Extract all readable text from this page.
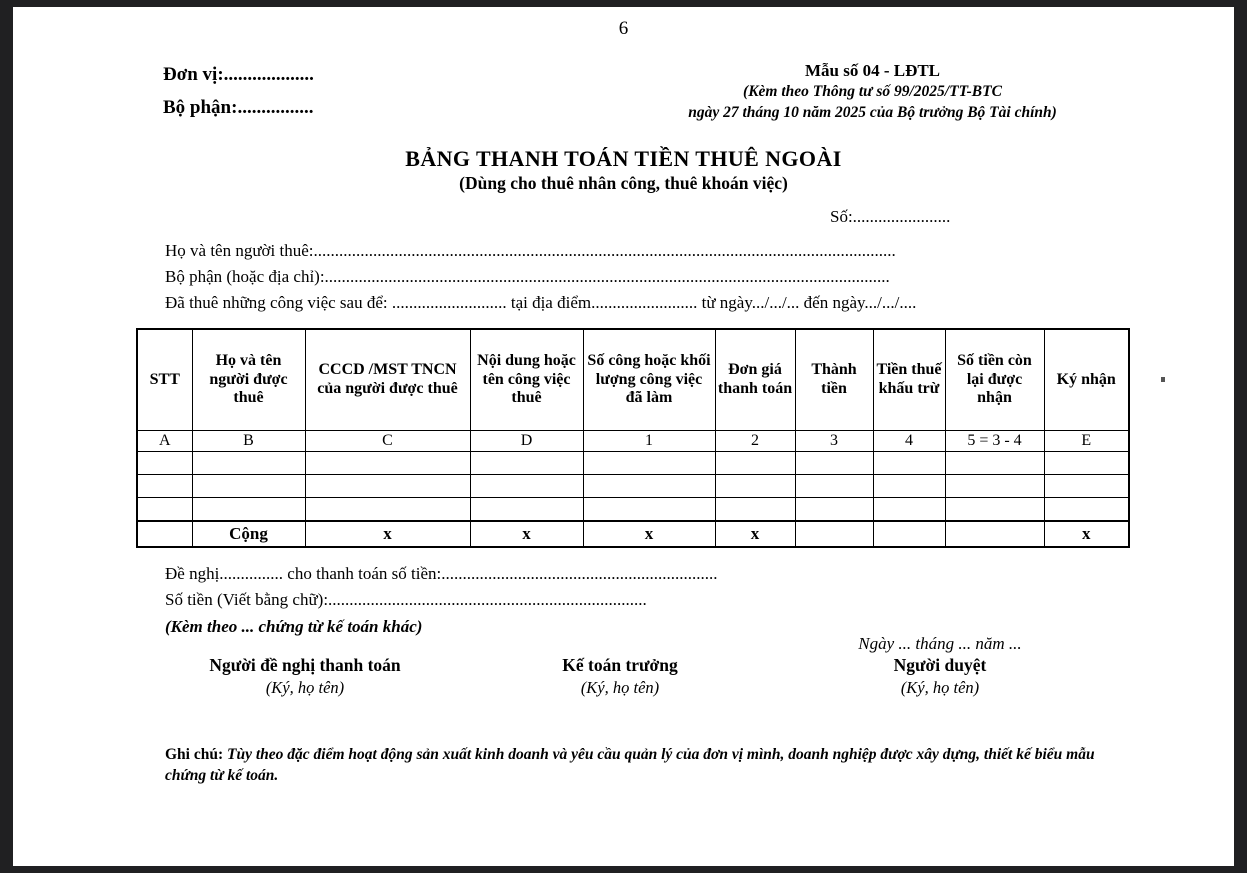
6
Đơn vị:...................
Bộ phận:................
Mẫu số 04 - LĐTL
(Kèm theo Thông tư số 99/2025/TT-BTC
ngày 27 tháng 10 năm 2025 của Bộ trưởng Bộ Tài chính)
BẢNG THANH TOÁN TIỀN THUÊ NGOÀI
(Dùng cho thuê nhân công, thuê khoán việc)
Số:.......................
Họ và tên người thuê:.........................................................................................................................................
Bộ phận (hoặc địa chỉ):.....................................................................................................................................
Đã thuê những công việc sau để: ........................... tại địa điểm......................... từ ngày.../.../... đến ngày.../.../....
STT	Họ và tên người được thuê	CCCD /MST TNCN của người được thuê	Nội dung hoặc tên công việc thuê	Số công hoặc khối lượng công việc đã làm	Đơn giá thanh toán	Thành tiền	Tiền thuế khấu trừ	Số tiền còn lại được nhận	Ký nhận
A	B	C	D	1	2	3	4	5 = 3 - 4	E

	Cộng	x	x	x	x				x
Đề nghị............... cho thanh toán số tiền:.................................................................
Số tiền (Viết bằng chữ):...........................................................................
(Kèm theo ... chứng từ kế toán khác)
Ngày ... tháng ... năm ...
Người đề nghị thanh toán
(Ký, họ tên)
Kế toán trưởng
(Ký, họ tên)
Người duyệt
(Ký, họ tên)
Ghi chú: Tùy theo đặc điểm hoạt động sản xuất kinh doanh và yêu cầu quản lý của đơn vị mình, doanh nghiệp được xây dựng, thiết kế biểu mẫu chứng từ kế toán.
